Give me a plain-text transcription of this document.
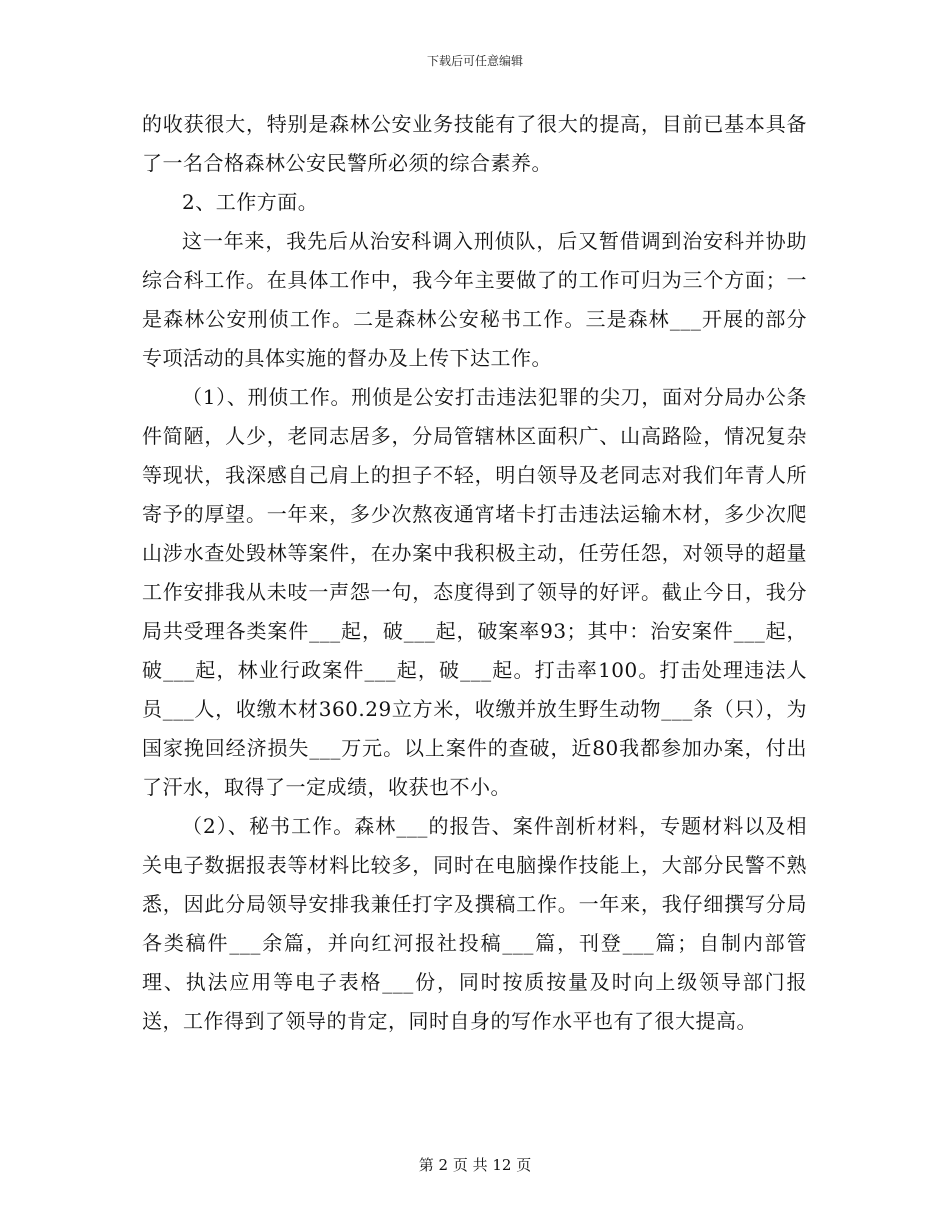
下载后可任意编辑

的收获很大，特别是森林公安业务技能有了很大的提高，目前已基本具备了一名合格森林公安民警所必须的综合素养。

2、工作方面。

这一年来，我先后从治安科调入刑侦队，后又暂借调到治安科并协助综合科工作。在具体工作中，我今年主要做了的工作可归为三个方面；一是森林公安刑侦工作。二是森林公安秘书工作。三是森林___开展的部分专项活动的具体实施的督办及上传下达工作。

（1）、刑侦工作。刑侦是公安打击违法犯罪的尖刀，面对分局办公条件简陋，人少，老同志居多，分局管辖林区面积广、山高路险，情况复杂等现状，我深感自己肩上的担子不轻，明白领导及老同志对我们年青人所寄予的厚望。一年来，多少次熬夜通宵堵卡打击违法运输木材，多少次爬山涉水查处毁林等案件，在办案中我积极主动，任劳任怨，对领导的超量工作安排我从未吱一声怨一句，态度得到了领导的好评。截止今日，我分局共受理各类案件___起，破___起，破案率93；其中：治安案件___起，破___起，林业行政案件___起，破___起。打击率100。打击处理违法人员___人，收缴木材360.29立方米，收缴并放生野生动物___条（只），为国家挽回经济损失___万元。以上案件的查破，近80我都参加办案，付出了汗水，取得了一定成绩，收获也不小。

（2）、秘书工作。森林___的报告、案件剖析材料，专题材料以及相关电子数据报表等材料比较多，同时在电脑操作技能上，大部分民警不熟悉，因此分局领导安排我兼任打字及撰稿工作。一年来，我仔细撰写分局各类稿件___余篇，并向红河报社投稿___篇，刊登___篇；自制内部管理、执法应用等电子表格___份，同时按质按量及时向上级领导部门报送，工作得到了领导的肯定，同时自身的写作水平也有了很大提高。

第 2 页 共 12 页
